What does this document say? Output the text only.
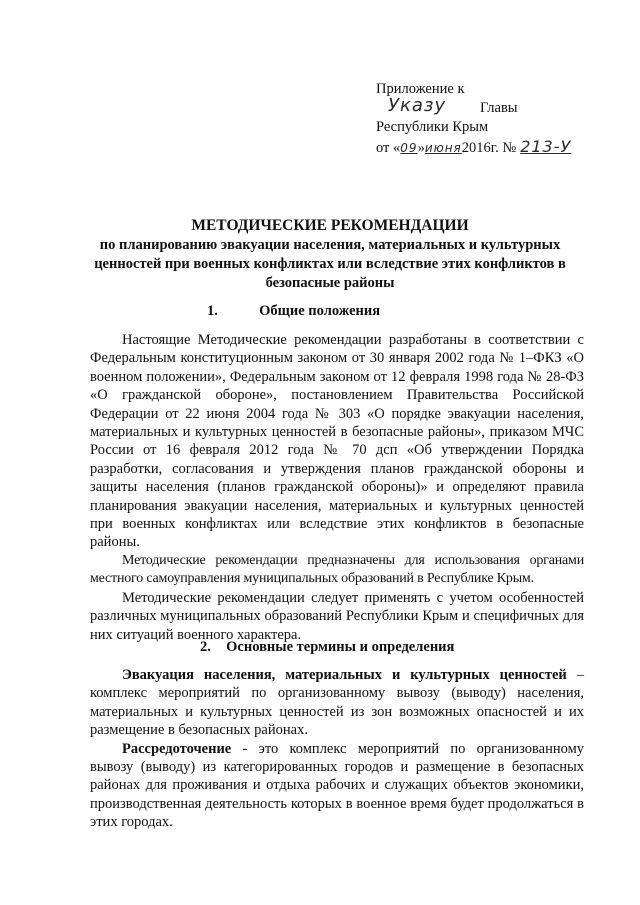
Приложение к
Указу Главы
Республики Крым
от «09»июня2016г. № 213-У
МЕТОДИЧЕСКИЕ РЕКОМЕНДАЦИИ
по планированию эвакуации населения, материальных и культурных ценностей при военных конфликтах или вследствие этих конфликтов в безопасные районы
1.	Общие положения

Настоящие Методические рекомендации разработаны в соответствии с Федеральным конституционным законом от 30 января 2002 года № 1–ФКЗ «О военном положении», Федеральным законом от 12 февраля 1998 года № 28-ФЗ «О гражданской обороне», постановлением Правительства Российской Федерации от 22 июня 2004 года № 303 «О порядке эвакуации населения, материальных и культурных ценностей в безопасные районы», приказом МЧС России от 16 февраля 2012 года № 70 дсп «Об утверждении Порядка разработки, согласования и утверждения планов гражданской обороны и защиты населения (планов гражданской обороны)» и определяют правила планирования эвакуации населения, материальных и культурных ценностей при военных конфликтах или вследствие этих конфликтов в безопасные районы.

Методические рекомендации предназначены для использования органами местного самоуправления муниципальных образований в Республике Крым.

Методические рекомендации следует применять с учетом особенностей различных муниципальных образований Республики Крым и специфичных для них ситуаций военного характера.

2. Основные термины и определения

Эвакуация населения, материальных и культурных ценностей – комплекс мероприятий по организованному вывозу (выводу) населения, материальных и культурных ценностей из зон возможных опасностей и их размещение в безопасных районах.

Рассредоточение - это комплекс мероприятий по организованному вывозу (выводу) из категорированных городов и размещение в безопасных районах для проживания и отдыха рабочих и служащих объектов экономики, производственная деятельность которых в военное время будет продолжаться в этих городах.
